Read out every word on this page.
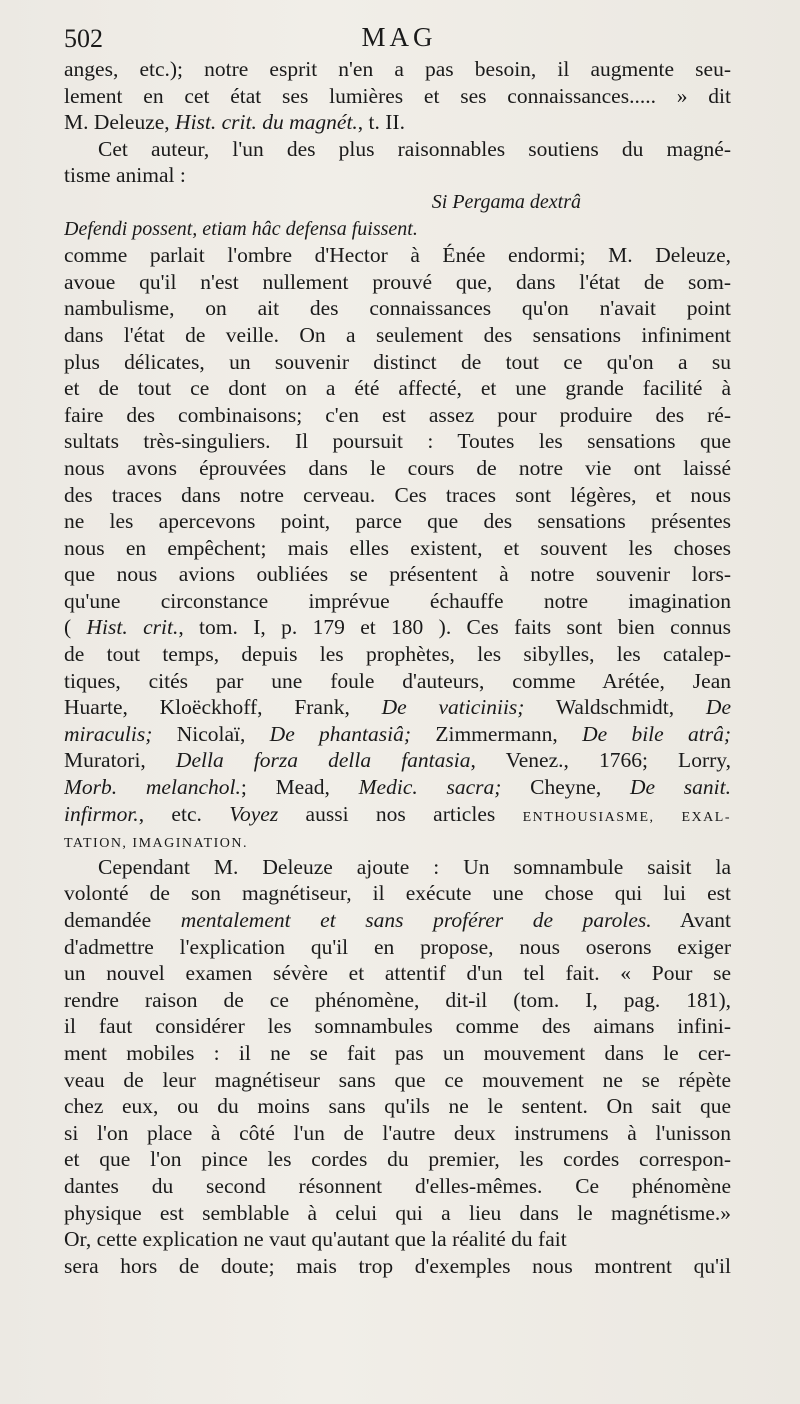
502	MAG
anges, etc.); notre esprit n'en a pas besoin, il augmente seu-
lement en cet état ses lumières et ses connaissances..... » dit
M. Deleuze, Hist. crit. du magnét., t. II.
Cet auteur, l'un des plus raisonnables soutiens du magné-
tisme animal :
Si Pergama dextrâ
Defendi possent, etiam hâc defensa fuissent.
comme parlait l'ombre d'Hector à Énée endormi; M. Deleuze,
avoue qu'il n'est nullement prouvé que, dans l'état de som-
nambulisme, on ait des connaissances qu'on n'avait point
dans l'état de veille. On a seulement des sensations infiniment
plus délicates, un souvenir distinct de tout ce qu'on a su
et de tout ce dont on a été affecté, et une grande facilité à
faire des combinaisons; c'en est assez pour produire des ré-
sultats très-singuliers. Il poursuit : Toutes les sensations que
nous avons éprouvées dans le cours de notre vie ont laissé
des traces dans notre cerveau. Ces traces sont légères, et nous
ne les apercevons point, parce que des sensations présentes
nous en empêchent; mais elles existent, et souvent les choses
que nous avions oubliées se présentent à notre souvenir lors-
qu'une circonstance imprévue échauffe notre imagination
( Hist. crit., tom. I, p. 179 et 180 ). Ces faits sont bien connus
de tout temps, depuis les prophètes, les sibylles, les catalep-
tiques, cités par une foule d'auteurs, comme Arétée, Jean
Huarte, Kloëckhoff, Frank, De vaticiniis; Waldschmidt, De
miraculis; Nicolaï, De phantasiâ; Zimmermann, De bile atrâ;
Muratori, Della forza della fantasia, Venez., 1766; Lorry,
Morb. melanchol.; Mead, Medic. sacra; Cheyne, De sanit.
infirmor., etc. Voyez aussi nos articles ENTHOUSIASME, EXAL-
TATION, IMAGINATION.
Cependant M. Deleuze ajoute : Un somnambule saisit la
volonté de son magnétiseur, il exécute une chose qui lui est
demandée mentalement et sans proférer de paroles. Avant
d'admettre l'explication qu'il en propose, nous oserons exiger
un nouvel examen sévère et attentif d'un tel fait. « Pour se
rendre raison de ce phénomène, dit-il (tom. I, pag. 181),
il faut considérer les somnambules comme des aimans infini-
ment mobiles : il ne se fait pas un mouvement dans le cer-
veau de leur magnétiseur sans que ce mouvement ne se répète
chez eux, ou du moins sans qu'ils ne le sentent. On sait que
si l'on place à côté l'un de l'autre deux instrumens à l'unisson
et que l'on pince les cordes du premier, les cordes correspon-
dantes du second résonnent d'elles-mêmes. Ce phénomène
physique est semblable à celui qui a lieu dans le magnétisme.»
Or, cette explication ne vaut qu'autant que la réalité du fait
sera hors de doute; mais trop d'exemples nous montrent qu'il
